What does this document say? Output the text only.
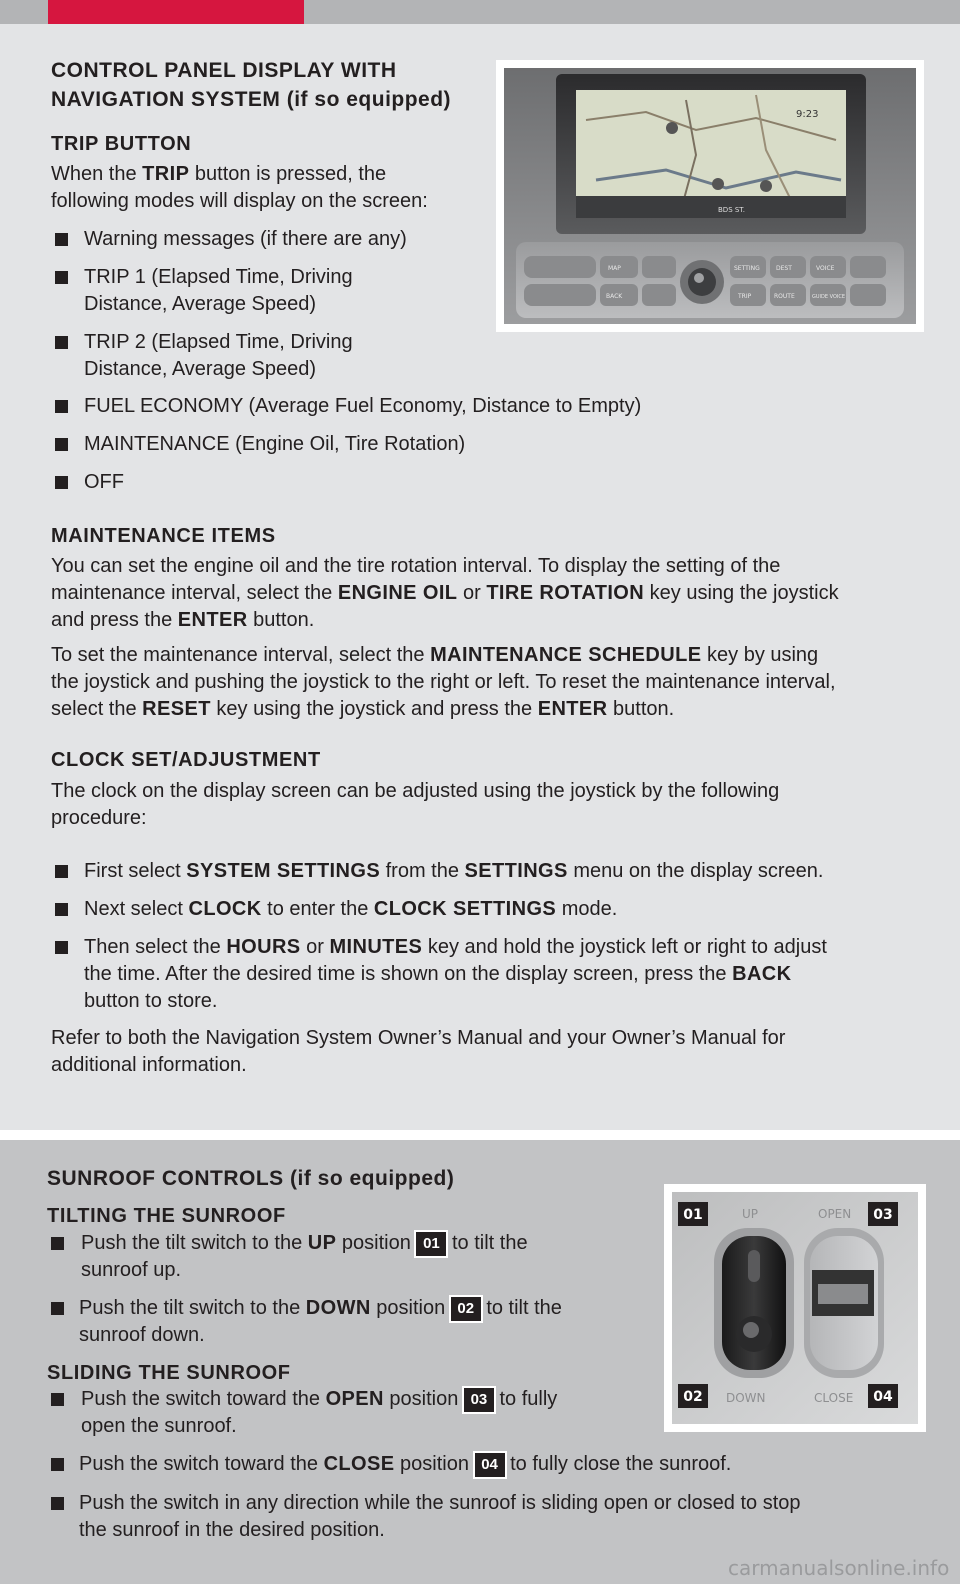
CONTROL PANEL DISPLAY WITH
NAVIGATION SYSTEM (if so equipped)
TRIP BUTTON
When the TRIP button is pressed, the
following modes will display on the screen:
Warning messages (if there are any)
TRIP 1 (Elapsed Time, Driving
Distance, Average Speed)
TRIP 2 (Elapsed Time, Driving
Distance, Average Speed)
FUEL ECONOMY (Average Fuel Economy, Distance to Empty)
MAINTENANCE (Engine Oil, Tire Rotation)
OFF
9:23
BDS ST.
MAP	SETTING	DEST	VOICE
BACK	TRIP	ROUTE	GUIDE VOICE
MAINTENANCE ITEMS
You can set the engine oil and the tire rotation interval. To display the setting of the
maintenance interval, select the ENGINE OIL or TIRE ROTATION key using the joystick
and press the ENTER button.
To set the maintenance interval, select the MAINTENANCE SCHEDULE key by using
the joystick and pushing the joystick to the right or left. To reset the maintenance interval,
select the RESET key using the joystick and press the ENTER button.
CLOCK SET/ADJUSTMENT
The clock on the display screen can be adjusted using the joystick by the following
procedure:
First select SYSTEM SETTINGS from the SETTINGS menu on the display screen.
Next select CLOCK to enter the CLOCK SETTINGS mode.
Then select the HOURS or MINUTES key and hold the joystick left or right to adjust
the time. After the desired time is shown on the display screen, press the BACK
button to store.
Refer to both the Navigation System Owner’s Manual and your Owner’s Manual for
additional information.
SUNROOF CONTROLS (if so equipped)
TILTING THE SUNROOF
Push the tilt switch to the UP position 01 to tilt the
sunroof up.
Push the tilt switch to the DOWN position 02 to tilt the
sunroof down.
SLIDING THE SUNROOF
Push the switch toward the OPEN position 03 to fully
open the sunroof.
Push the switch toward the CLOSE position 04 to fully close the sunroof.
Push the switch in any direction while the sunroof is sliding open or closed to stop
the sunroof in the desired position.
UP	OPEN
DOWN	CLOSE
01	03
02	04
carmanualsonline.info
